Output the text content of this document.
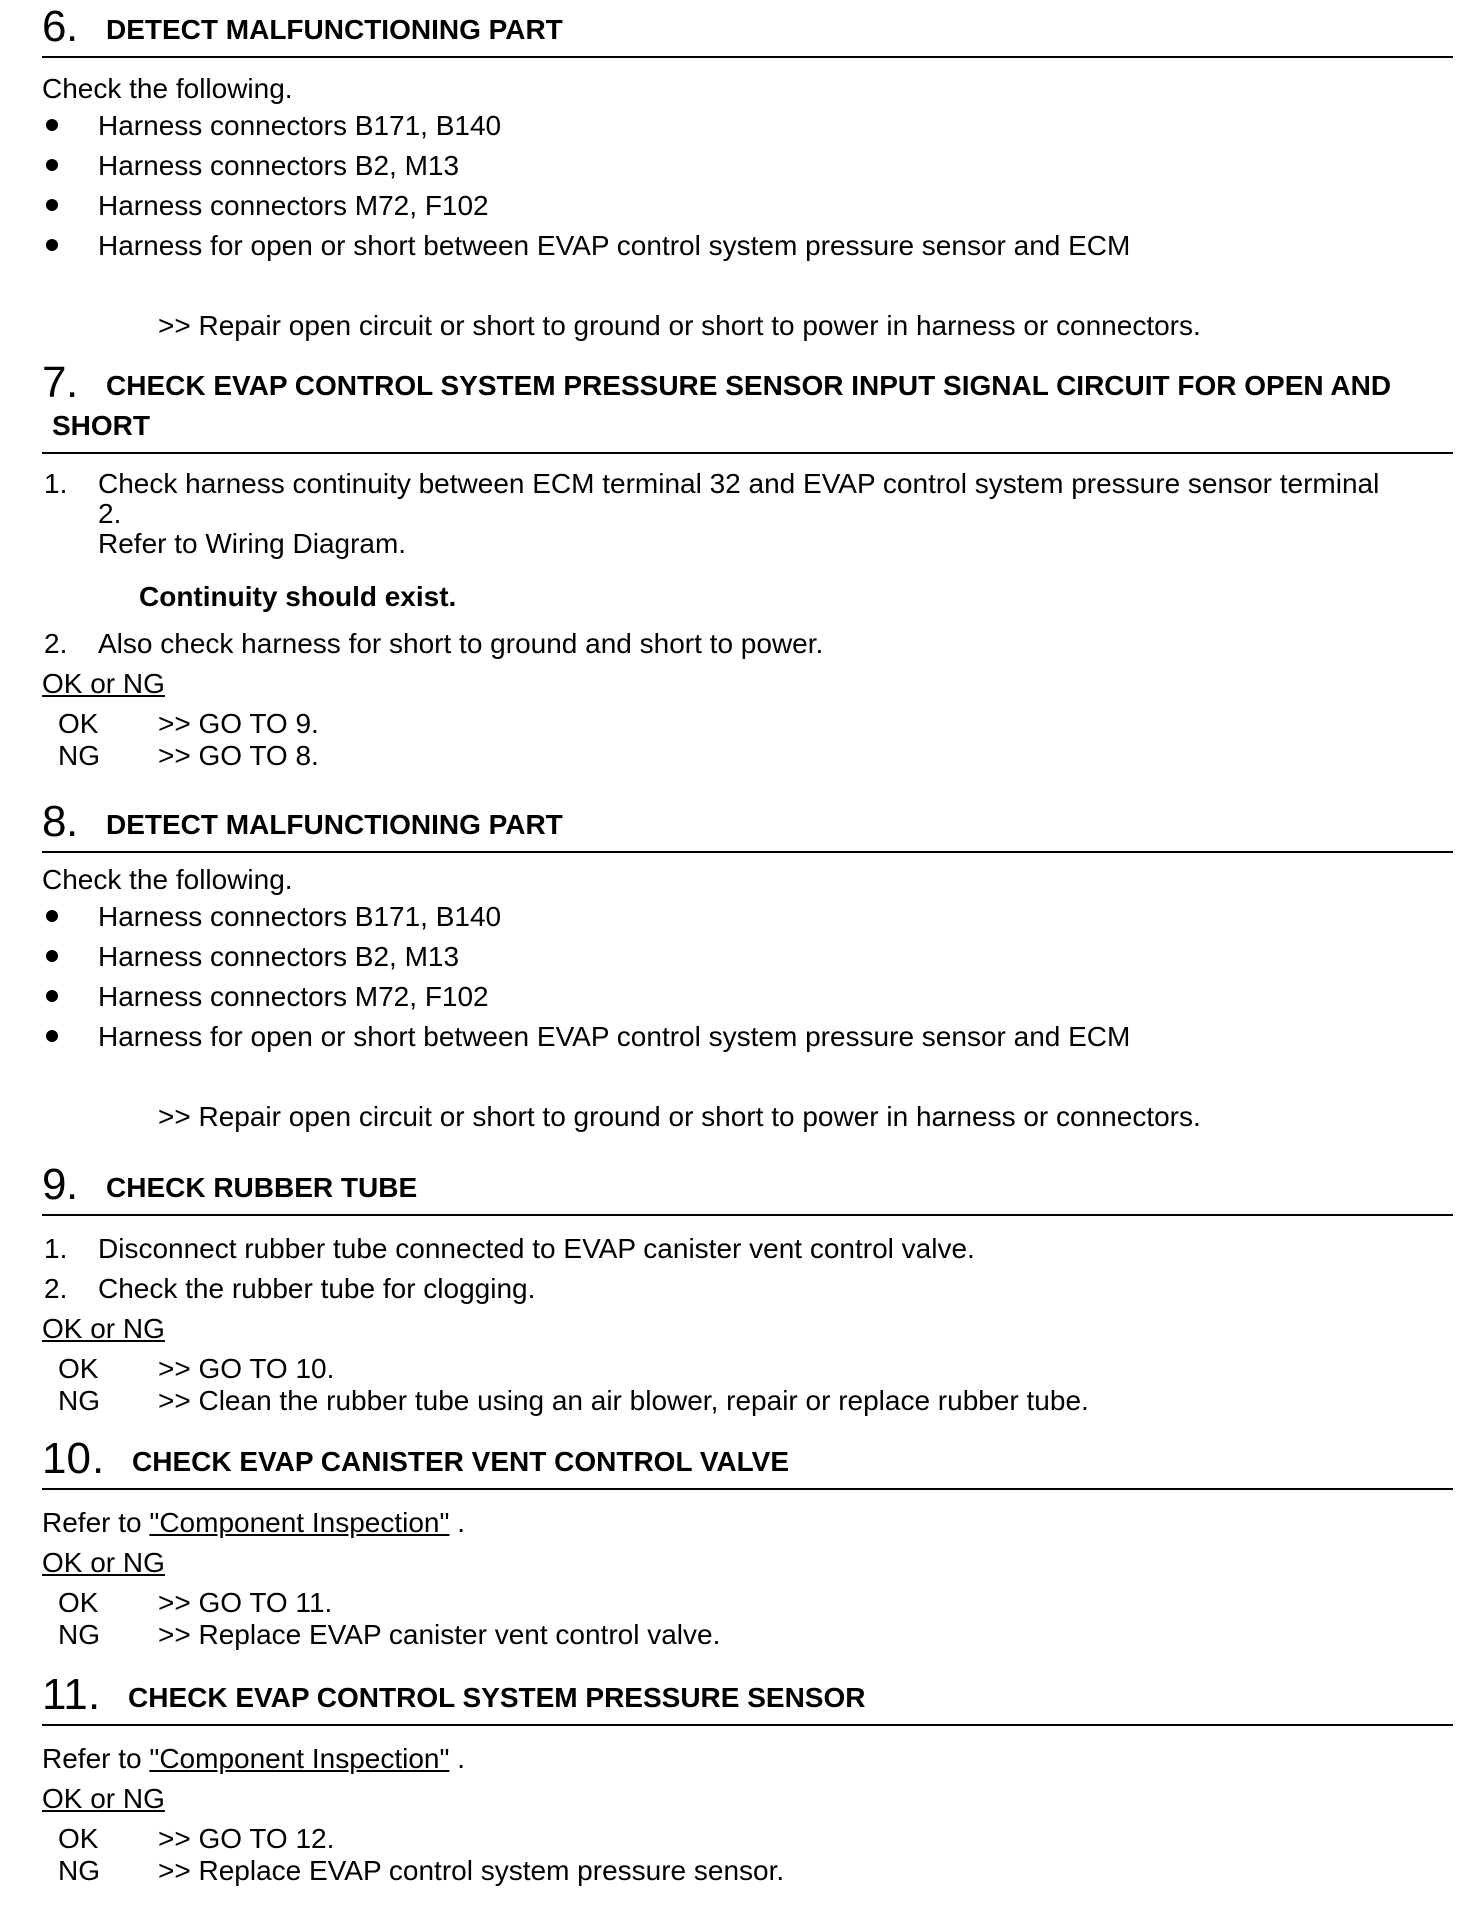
6 . DETECT MALFUNCTIONING PART
Check the following.
Harness connectors B171, B140
Harness connectors B2, M13
Harness connectors M72, F102
Harness for open or short between EVAP control system pressure sensor and ECM
>> Repair open circuit or short to ground or short to power in harness or connectors.
7 . CHECK EVAP CONTROL SYSTEM PRESSURE SENSOR INPUT SIGNAL CIRCUIT FOR OPEN AND
SHORT
1. Check harness continuity between ECM terminal 32 and EVAP control system pressure sensor terminal
2.
Refer to Wiring Diagram.
Continuity should exist.
2. Also check harness for short to ground and short to power.
OK or NG
OK >> GO TO 9.
NG >> GO TO 8.
8 . DETECT MALFUNCTIONING PART
Check the following.
Harness connectors B171, B140
Harness connectors B2, M13
Harness connectors M72, F102
Harness for open or short between EVAP control system pressure sensor and ECM
>> Repair open circuit or short to ground or short to power in harness or connectors.
9 . CHECK RUBBER TUBE
1. Disconnect rubber tube connected to EVAP canister vent control valve.
2. Check the rubber tube for clogging.
OK or NG
OK >> GO TO 10.
NG >> Clean the rubber tube using an air blower, repair or replace rubber tube.
10 . CHECK EVAP CANISTER VENT CONTROL VALVE
Refer to "Component Inspection" .
OK or NG
OK >> GO TO 11.
NG >> Replace EVAP canister vent control valve.
11 . CHECK EVAP CONTROL SYSTEM PRESSURE SENSOR
Refer to "Component Inspection" .
OK or NG
OK >> GO TO 12.
NG >> Replace EVAP control system pressure sensor.
